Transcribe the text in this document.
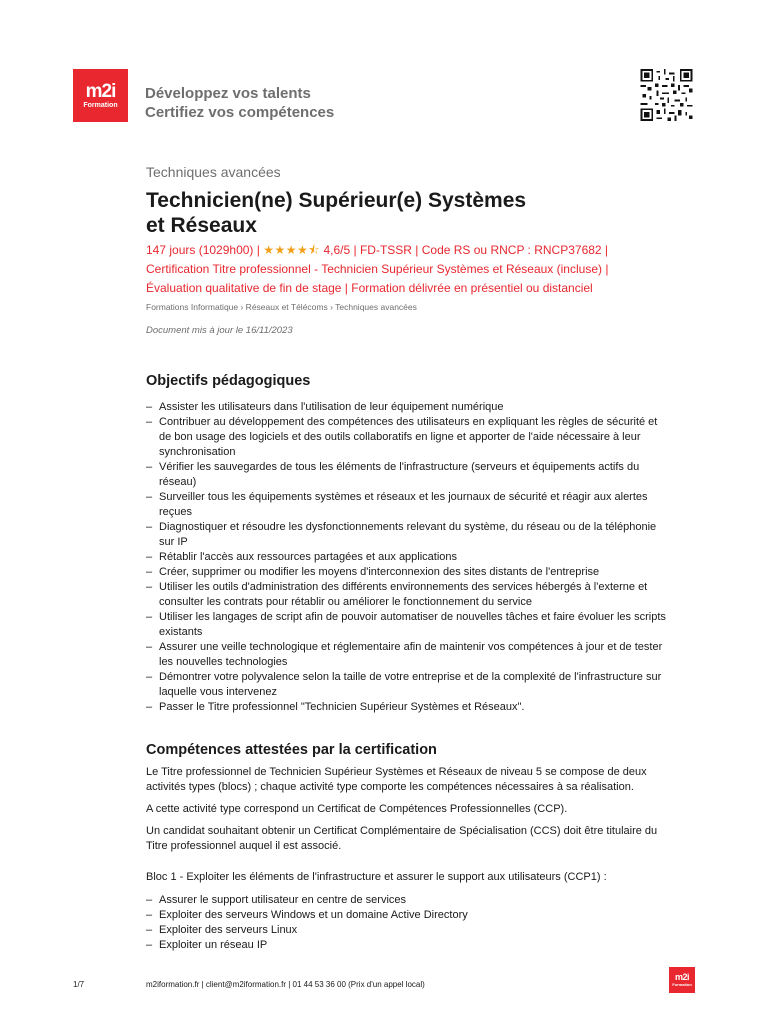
m2i
Formation
Développez vos talents
Certifiez vos compétences
Techniques avancées
Technicien(ne) Supérieur(e) Systèmes
et Réseaux
147 jours (1029h00) | ★★★★⯪ 4,6/5 | FD-TSSR | Code RS ou RNCP : RNCP37682 |
Certification Titre professionnel - Technicien Supérieur Systèmes et Réseaux (incluse) |
Évaluation qualitative de fin de stage | Formation délivrée en présentiel ou distanciel
Formations Informatique › Réseaux et Télécoms › Techniques avancées
Document mis à jour le 16/11/2023
Objectifs pédagogiques
– Assister les utilisateurs dans l'utilisation de leur équipement numérique
– Contribuer au développement des compétences des utilisateurs en expliquant les règles de sécurité et de bon usage des logiciels et des outils collaboratifs en ligne et apporter de l'aide nécessaire à leur synchronisation
– Vérifier les sauvegardes de tous les éléments de l'infrastructure (serveurs et équipements actifs du réseau)
– Surveiller tous les équipements systèmes et réseaux et les journaux de sécurité et réagir aux alertes reçues
– Diagnostiquer et résoudre les dysfonctionnements relevant du système, du réseau ou de la téléphonie sur IP
– Rétablir l'accès aux ressources partagées et aux applications
– Créer, supprimer ou modifier les moyens d'interconnexion des sites distants de l'entreprise
– Utiliser les outils d'administration des différents environnements des services hébergés à l'externe et consulter les contrats pour rétablir ou améliorer le fonctionnement du service
– Utiliser les langages de script afin de pouvoir automatiser de nouvelles tâches et faire évoluer les scripts existants
– Assurer une veille technologique et réglementaire afin de maintenir vos compétences à jour et de tester les nouvelles technologies
– Démontrer votre polyvalence selon la taille de votre entreprise et de la complexité de l'infrastructure sur laquelle vous intervenez
– Passer le Titre professionnel "Technicien Supérieur Systèmes et Réseaux".
Compétences attestées par la certification

Le Titre professionnel de Technicien Supérieur Systèmes et Réseaux de niveau 5 se compose de deux activités types (blocs) ; chaque activité type comporte les compétences nécessaires à sa réalisation.

A cette activité type correspond un Certificat de Compétences Professionnelles (CCP).

Un candidat souhaitant obtenir un Certificat Complémentaire de Spécialisation (CCS) doit être titulaire du Titre professionnel auquel il est associé.

Bloc 1 - Exploiter les éléments de l'infrastructure et assurer le support aux utilisateurs (CCP1) :

– Assurer le support utilisateur en centre de services
– Exploiter des serveurs Windows et un domaine Active Directory
– Exploiter des serveurs Linux
– Exploiter un réseau IP
1/7	m2iformation.fr | client@m2iformation.fr | 01 44 53 36 00 (Prix d'un appel local)
m2i
Formation
